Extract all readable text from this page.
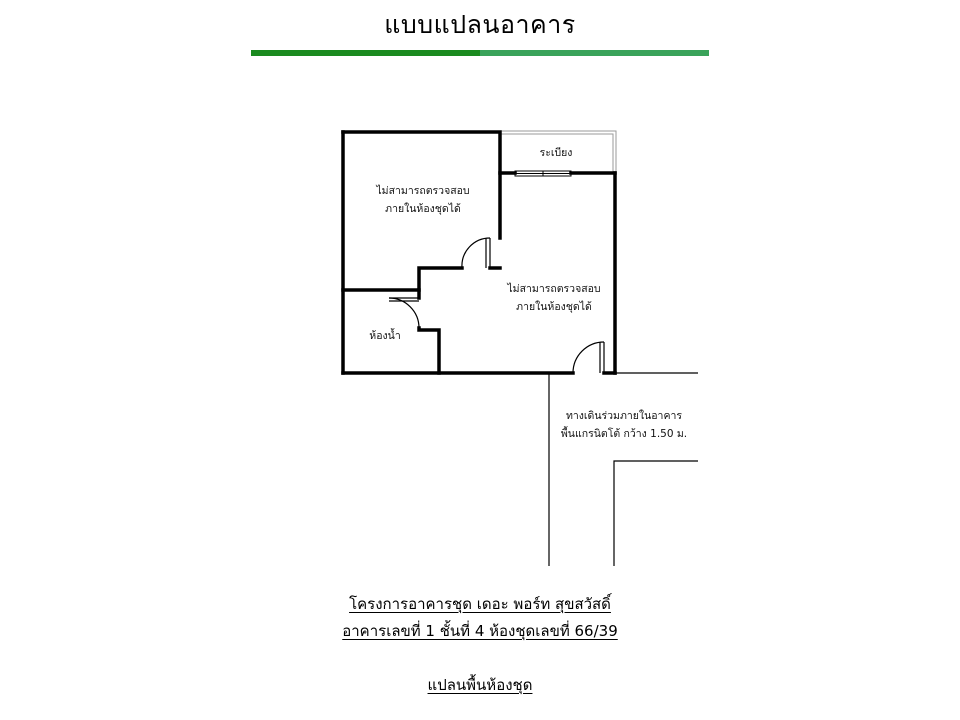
แบบแปลนอาคาร
ไม่สามารถตรวจสอบ
ภายในห้องชุดได้
ระเบียง
ไม่สามารถตรวจสอบ
ภายในห้องชุดได้
ห้องน้ำ
ทางเดินร่วมภายในอาคาร
พื้นแกรนิตโต้ กว้าง 1.50 ม.
โครงการอาคารชุด เดอะ พอร์ท สุขสวัสดิ์
อาคารเลขที่ 1 ชั้นที่ 4 ห้องชุดเลขที่ 66/39
แปลนพื้นห้องชุด
